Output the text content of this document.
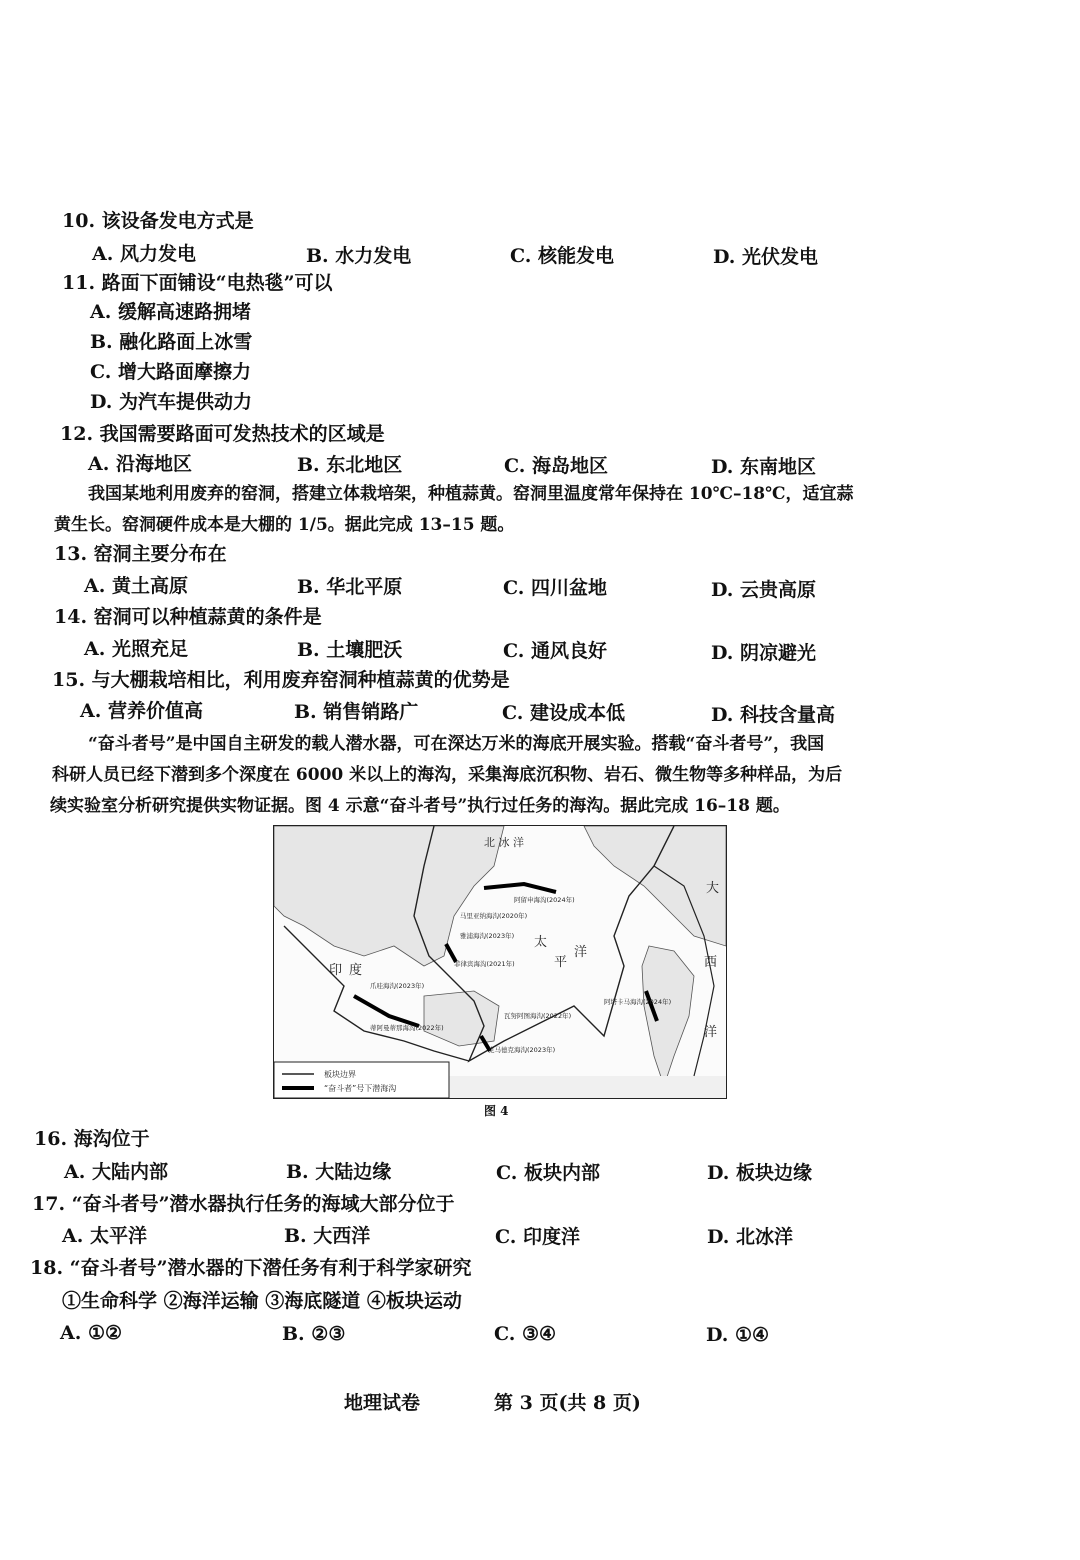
10. 该设备发电方式是
A. 风力发电	B. 水力发电	C. 核能发电	D. 光伏发电
11. 路面下面铺设“电热毯”可以
A. 缓解高速路拥堵
B. 融化路面上冰雪
C. 增大路面摩擦力
D. 为汽车提供动力
12. 我国需要路面可发热技术的区域是
A. 沿海地区	B. 东北地区	C. 海岛地区	D. 东南地区
我国某地利用废弃的窑洞，搭建立体栽培架，种植蒜黄。窑洞里温度常年保持在 10℃–18℃，适宜蒜
黄生长。窑洞硬件成本是大棚的 1/5。据此完成 13–15 题。
13. 窑洞主要分布在
A. 黄土高原	B. 华北平原	C. 四川盆地	D. 云贵高原
14. 窑洞可以种植蒜黄的条件是
A. 光照充足	B. 土壤肥沃	C. 通风良好	D. 阴凉避光
15. 与大棚栽培相比，利用废弃窑洞种植蒜黄的优势是
A. 营养价值高	B. 销售销路广	C. 建设成本低	D. 科技含量高
“奋斗者号”是中国自主研发的载人潜水器，可在深达万米的海底开展实验。搭载“奋斗者号”，我国
科研人员已经下潜到多个深度在 6000 米以上的海沟，采集海底沉积物、岩石、微生物等多种样品，为后
续实验室分析研究提供实物证据。图 4 示意“奋斗者号”执行过任务的海沟。据此完成 16–18 题。
北 冰 洋
太
平
洋
印 度
大
西
洋
阿留申海沟(2024年)
马里亚纳海沟(2020年)
雅浦海沟(2023年)
菲律宾海沟(2021年)
爪哇海沟(2023年)
瓦努阿图海沟(2022年)
克马德克海沟(2023年)
蒂阿曼蒂那海沟(2022年)
阿塔卡马海沟(2024年)
板块边界
“奋斗者”号下潜海沟
图 4
16. 海沟位于
A. 大陆内部	B. 大陆边缘	C. 板块内部	D. 板块边缘
17. “奋斗者号”潜水器执行任务的海域大部分位于
A. 太平洋	B. 大西洋	C. 印度洋	D. 北冰洋
18. “奋斗者号”潜水器的下潜任务有利于科学家研究
①生命科学 ②海洋运输 ③海底隧道 ④板块运动
A. ①②	B. ②③	C. ③④	D. ①④
地理试卷	第 3 页(共 8 页)
